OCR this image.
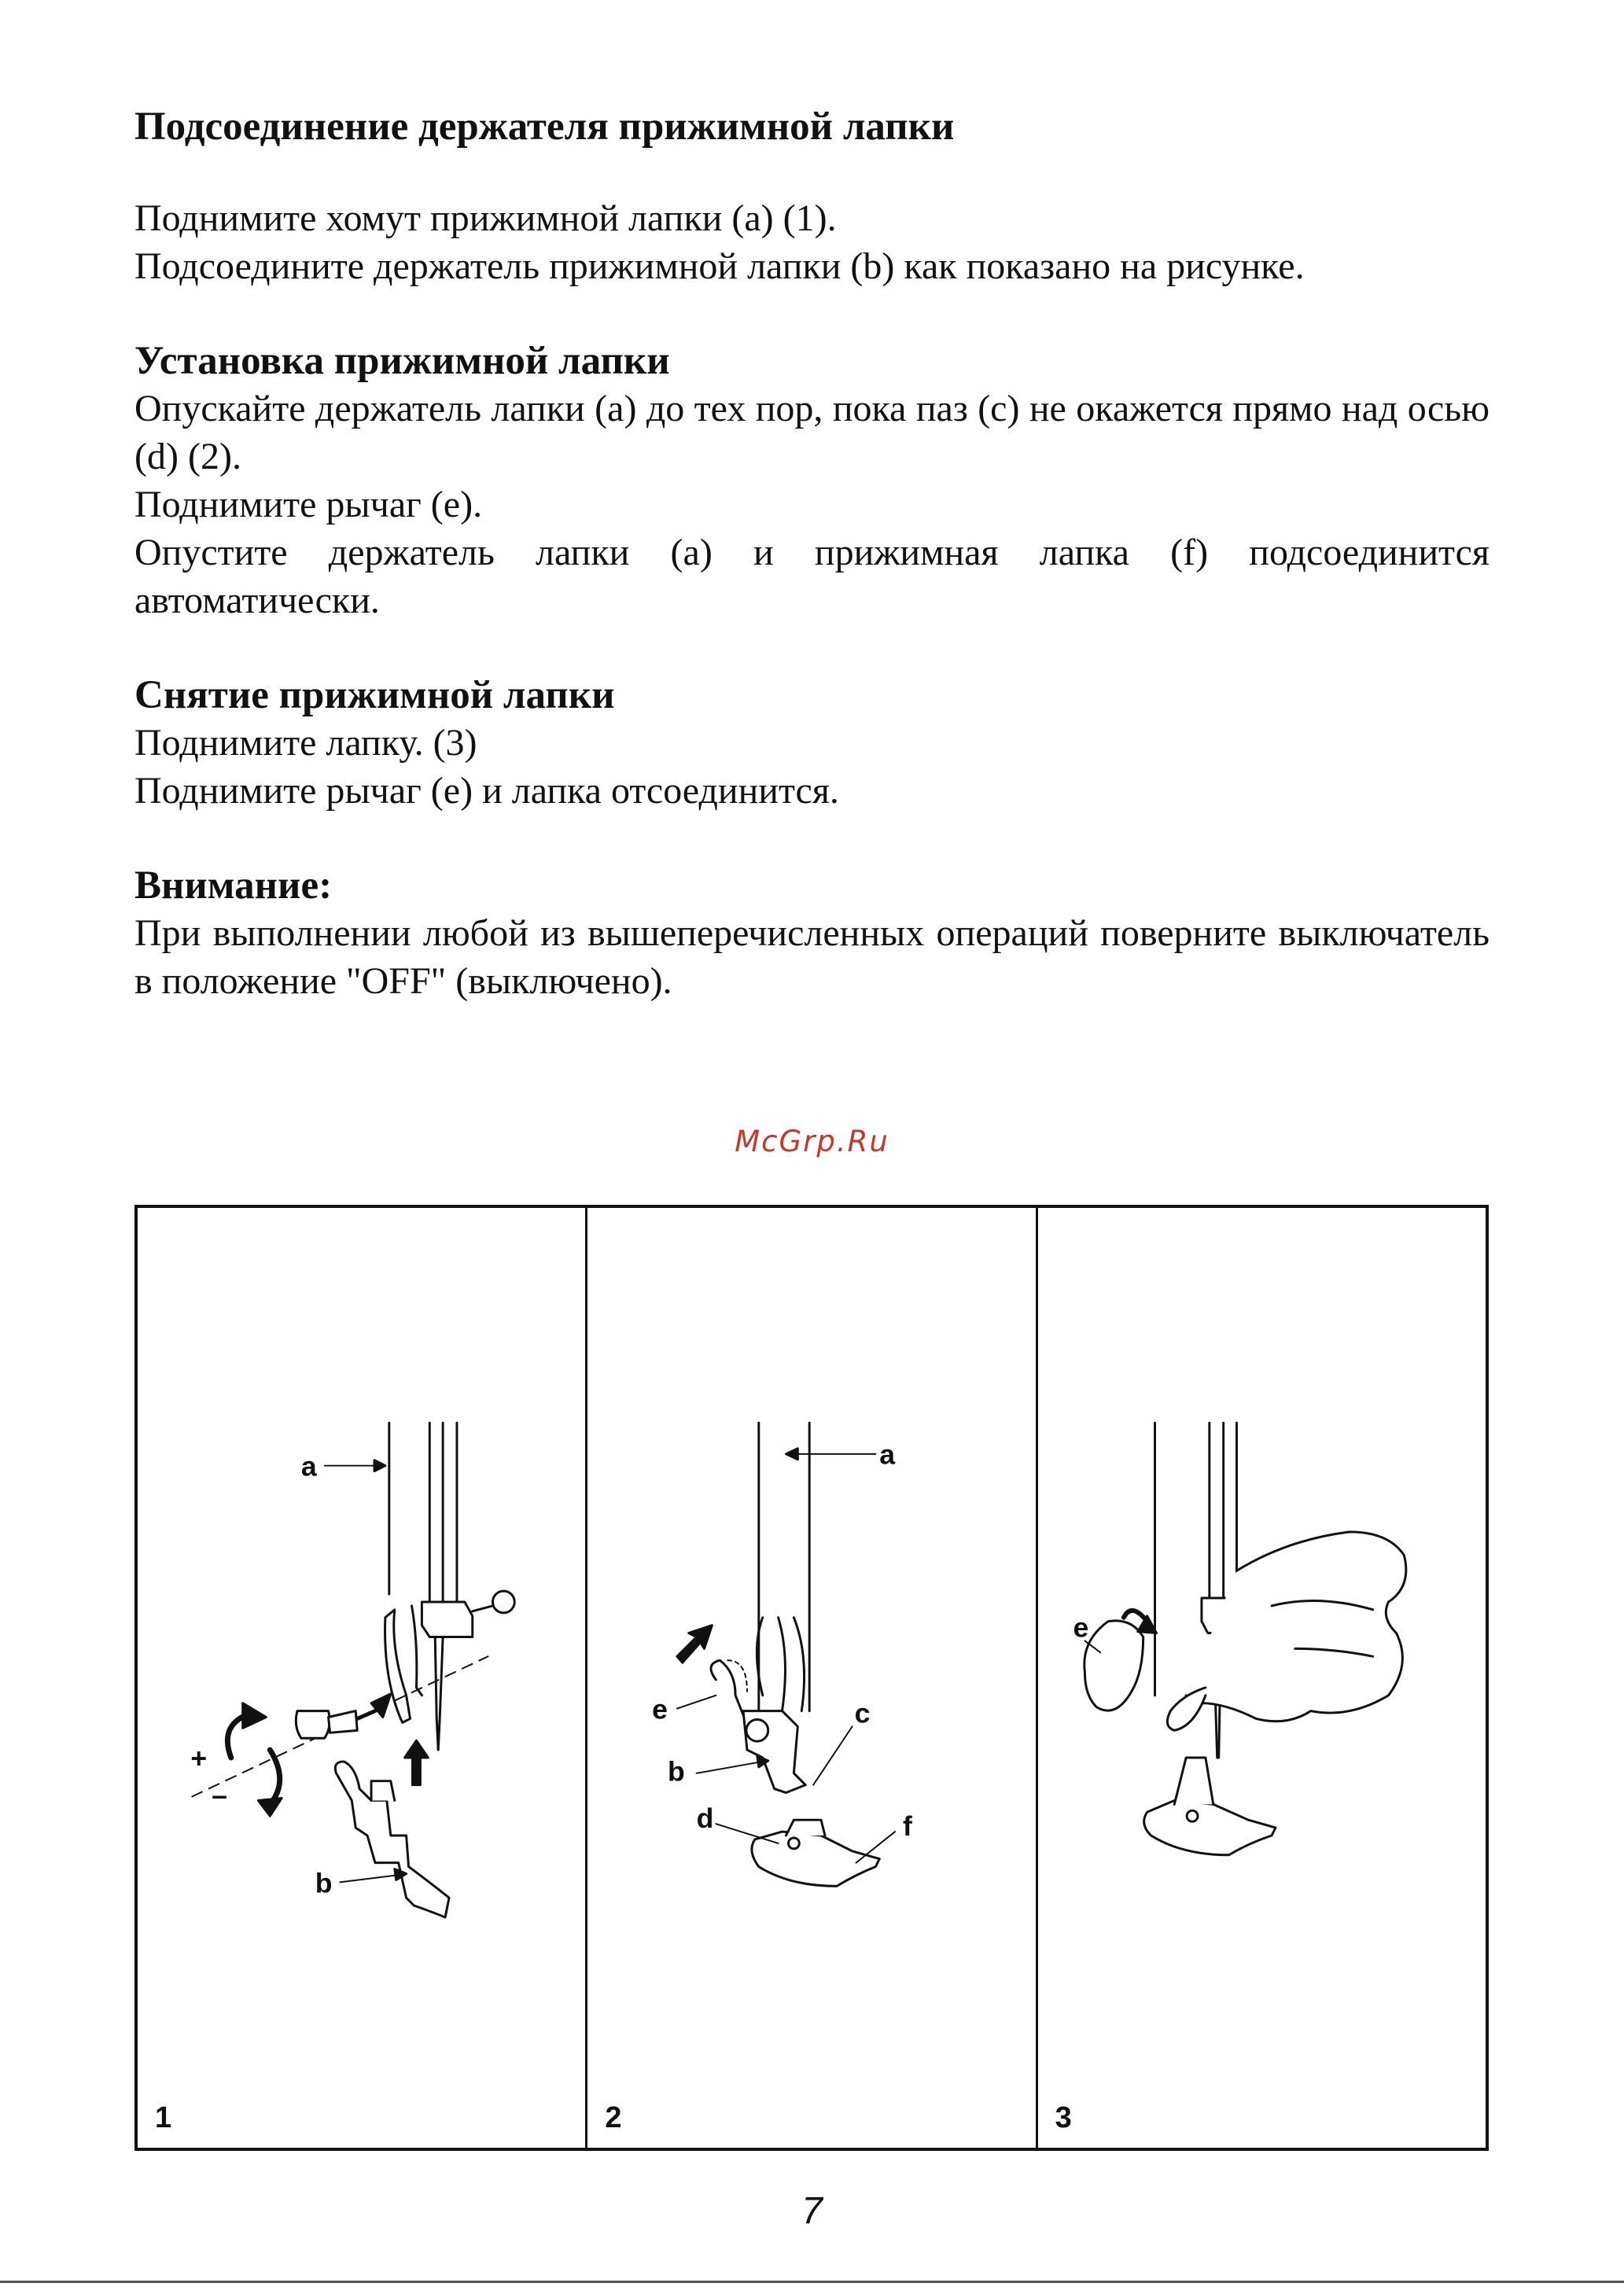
Подсоединение держателя прижимной лапки

Поднимите хомут прижимной лапки (а) (1).

Подсоедините держатель прижимной лапки (b) как показано на рисунке.

Установка прижимной лапки

Опускайте держатель лапки (а) до тех пор, пока паз (с) не окажется прямо над осью (d) (2).

Поднимите рычаг (е).

Опустите держатель лапки (а) и прижимная лапка (f) подсоединится автоматически.

Снятие прижимной лапки

Поднимите лапку. (3)

Поднимите рычаг (е) и лапка отсоединится.

Внимание:

При выполнении любой из вышеперечисленных операций поверните выключатель в положение "OFF" (выключено).

McGrp.Ru
a
b
+
–
1
a
e	c
b
d	f
2
e
3
7
